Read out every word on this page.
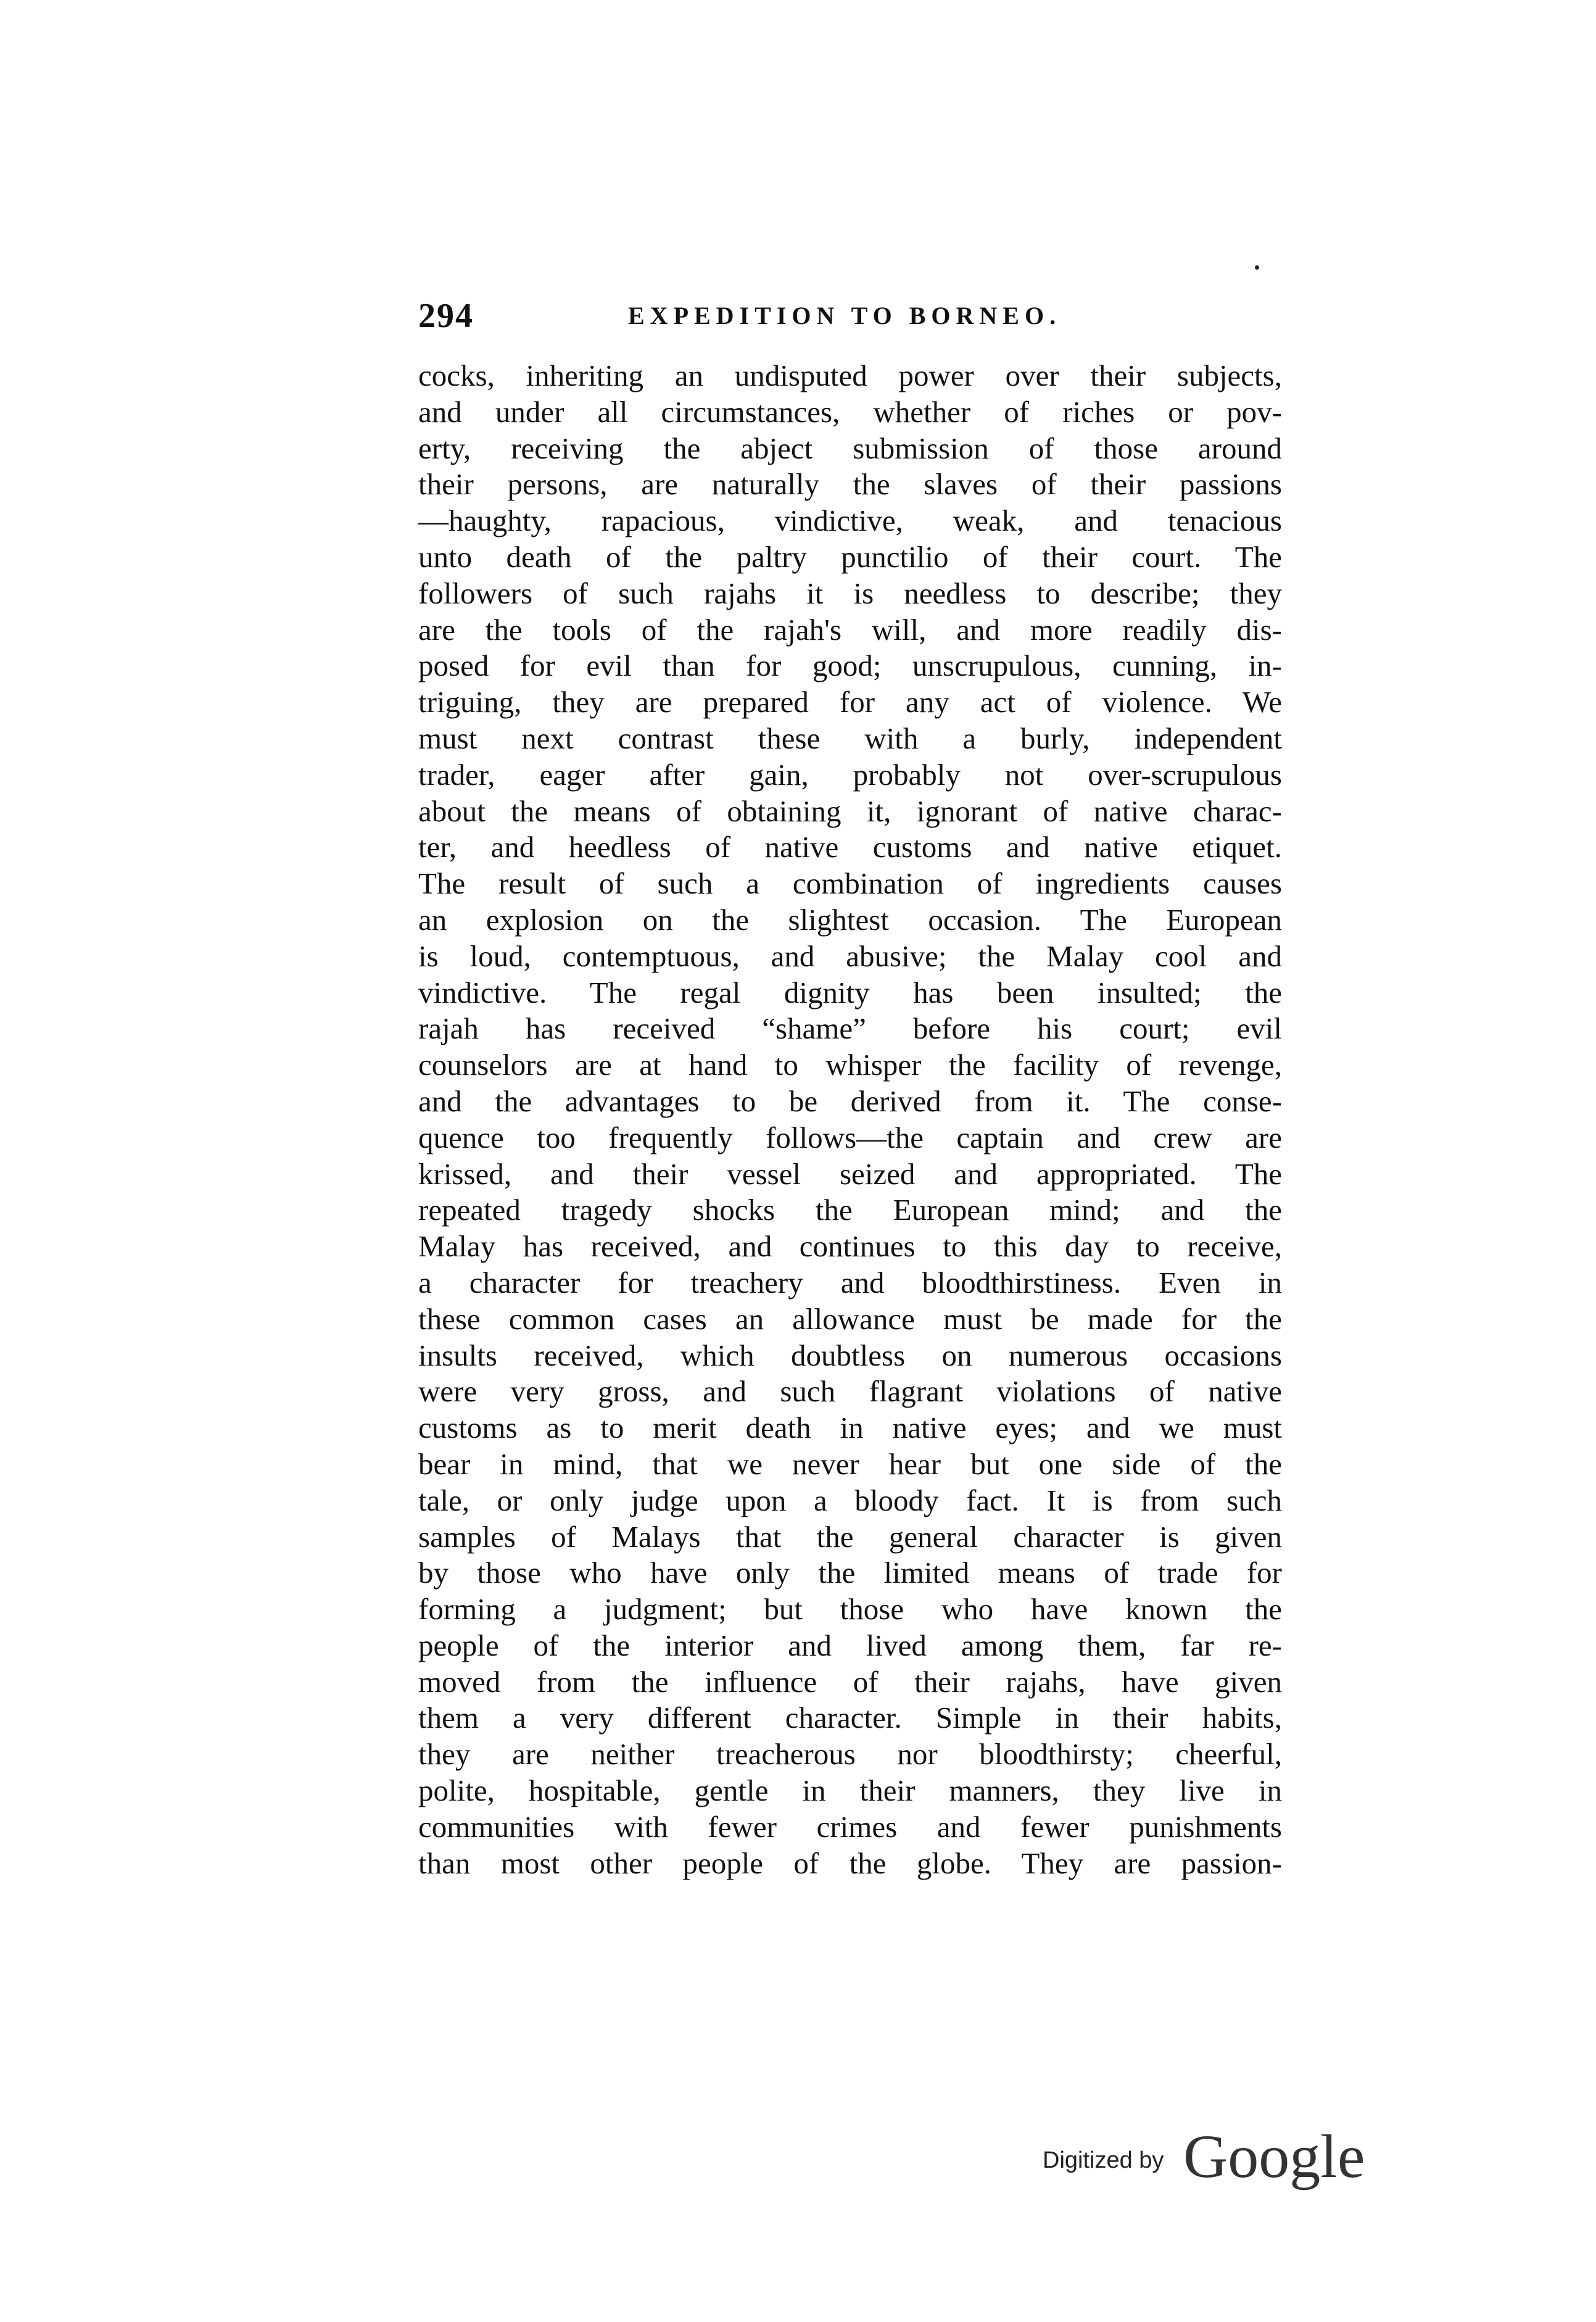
294	EXPEDITION TO BORNEO.
cocks, inheriting an undisputed power over their subjects,
and under all circumstances, whether of riches or pov-
erty, receiving the abject submission of those around
their persons, are naturally the slaves of their passions
—haughty, rapacious, vindictive, weak, and tenacious
unto death of the paltry punctilio of their court. The
followers of such rajahs it is needless to describe; they
are the tools of the rajah's will, and more readily dis-
posed for evil than for good; unscrupulous, cunning, in-
triguing, they are prepared for any act of violence. We
must next contrast these with a burly, independent
trader, eager after gain, probably not over-scrupulous
about the means of obtaining it, ignorant of native charac-
ter, and heedless of native customs and native etiquet.
The result of such a combination of ingredients causes
an explosion on the slightest occasion. The European
is loud, contemptuous, and abusive; the Malay cool and
vindictive. The regal dignity has been insulted; the
rajah has received “shame” before his court; evil
counselors are at hand to whisper the facility of revenge,
and the advantages to be derived from it. The conse-
quence too frequently follows—the captain and crew are
krissed, and their vessel seized and appropriated. The
repeated tragedy shocks the European mind; and the
Malay has received, and continues to this day to receive,
a character for treachery and bloodthirstiness. Even in
these common cases an allowance must be made for the
insults received, which doubtless on numerous occasions
were very gross, and such flagrant violations of native
customs as to merit death in native eyes; and we must
bear in mind, that we never hear but one side of the
tale, or only judge upon a bloody fact. It is from such
samples of Malays that the general character is given
by those who have only the limited means of trade for
forming a judgment; but those who have known the
people of the interior and lived among them, far re-
moved from the influence of their rajahs, have given
them a very different character. Simple in their habits,
they are neither treacherous nor bloodthirsty; cheerful,
polite, hospitable, gentle in their manners, they live in
communities with fewer crimes and fewer punishments
than most other people of the globe. They are passion-
Digitized by Google
